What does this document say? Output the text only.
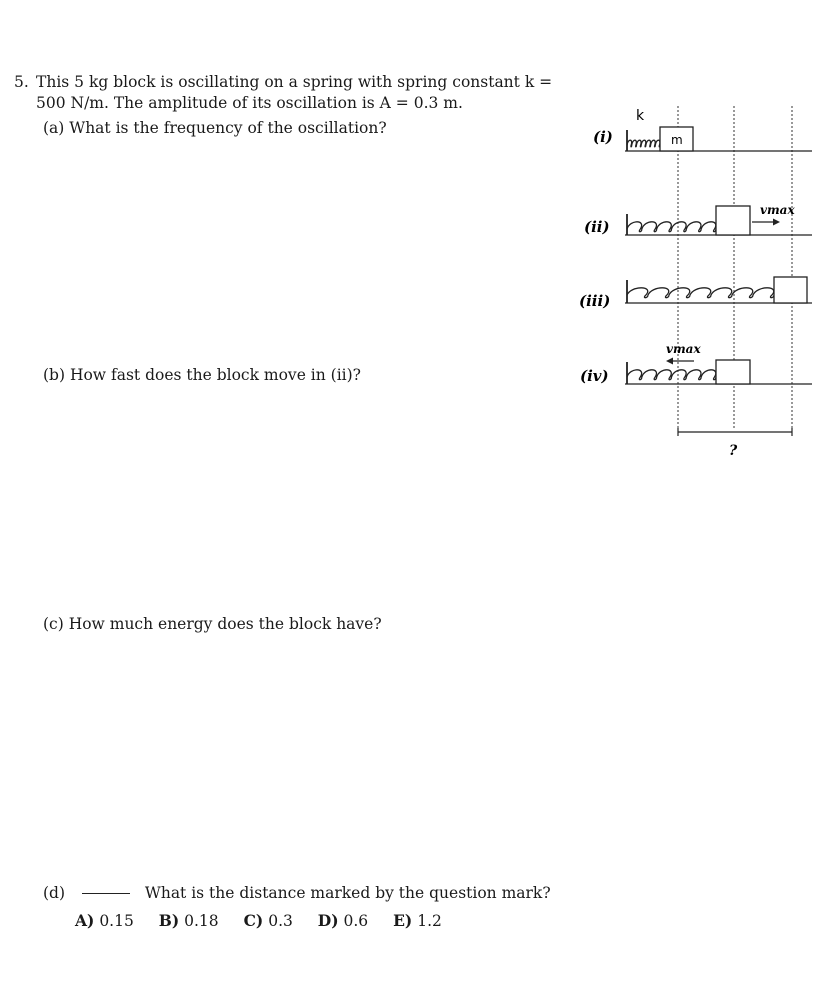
5. This 5 kg block is oscillating on a spring with spring constant k =
500 N/m. The amplitude of its oscillation is A = 0.3 m.
(a) What is the frequency of the oscillation?
(b) How fast does the block move in (ii)?
(c) How much energy does the block have?
(d)	What is the distance marked by the question mark?
A) 0.15 B) 0.18 C) 0.3 D) 0.6 E) 1.2
(i)
(ii)
(iii)
(iv)
k
m
vmax
vmax
?
